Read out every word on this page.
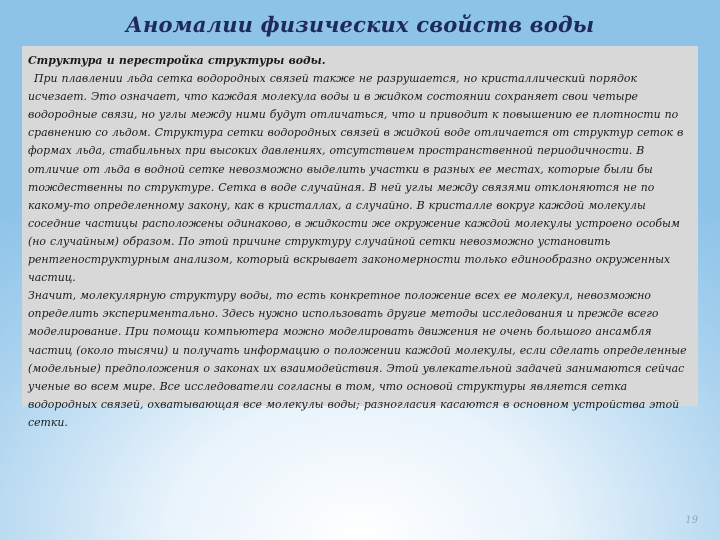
Аномалии физических свойств воды

Структура и перестройка структуры воды.

При плавлении льда сетка водородных связей также не разрушается, но кристаллический порядок исчезает. Это означает, что каждая молекула воды и в жидком состоянии сохраняет свои четыре водородные связи, но углы между ними будут отличаться, что и приводит к повышению ее плотности по сравнению со льдом. Структура сетки водородных связей в жидкой воде отличается от структур сеток в формах льда, стабильных при высоких давлениях, отсутствием пространственной периодичности. В отличие от льда в водной сетке невозможно выделить участки в разных ее местах, которые были бы тождественны по структуре. Сетка в воде случайная. В ней углы между связями отклоняются не по какому-то определенному закону, как в кристаллах, а случайно. В кристалле вокруг каждой молекулы соседние частицы расположены одинаково, в жидкости же окружение каждой молекулы устроено особым (но случайным) образом. По этой причине структуру случайной сетки невозможно установить рентгеноструктурным анализом, который вскрывает закономерности только единообразно окруженных частиц.

Значит, молекулярную структуру воды, то есть конкретное положение всех ее молекул, невозможно определить экспериментально. Здесь нужно использовать другие методы исследования и прежде всего моделирование. При помощи компьютера можно моделировать движения не очень большого ансамбля частиц (около тысячи) и получать информацию о положении каждой молекулы, если сделать определенные (модельные) предположения о законах их взаимодействия. Этой увлекательной задачей занимаются сейчас ученые во всем мире. Все исследователи согласны в том, что основой структуры является сетка водородных связей, охватывающая все молекулы воды; разногласия касаются в основном устройства этой сетки.

19
